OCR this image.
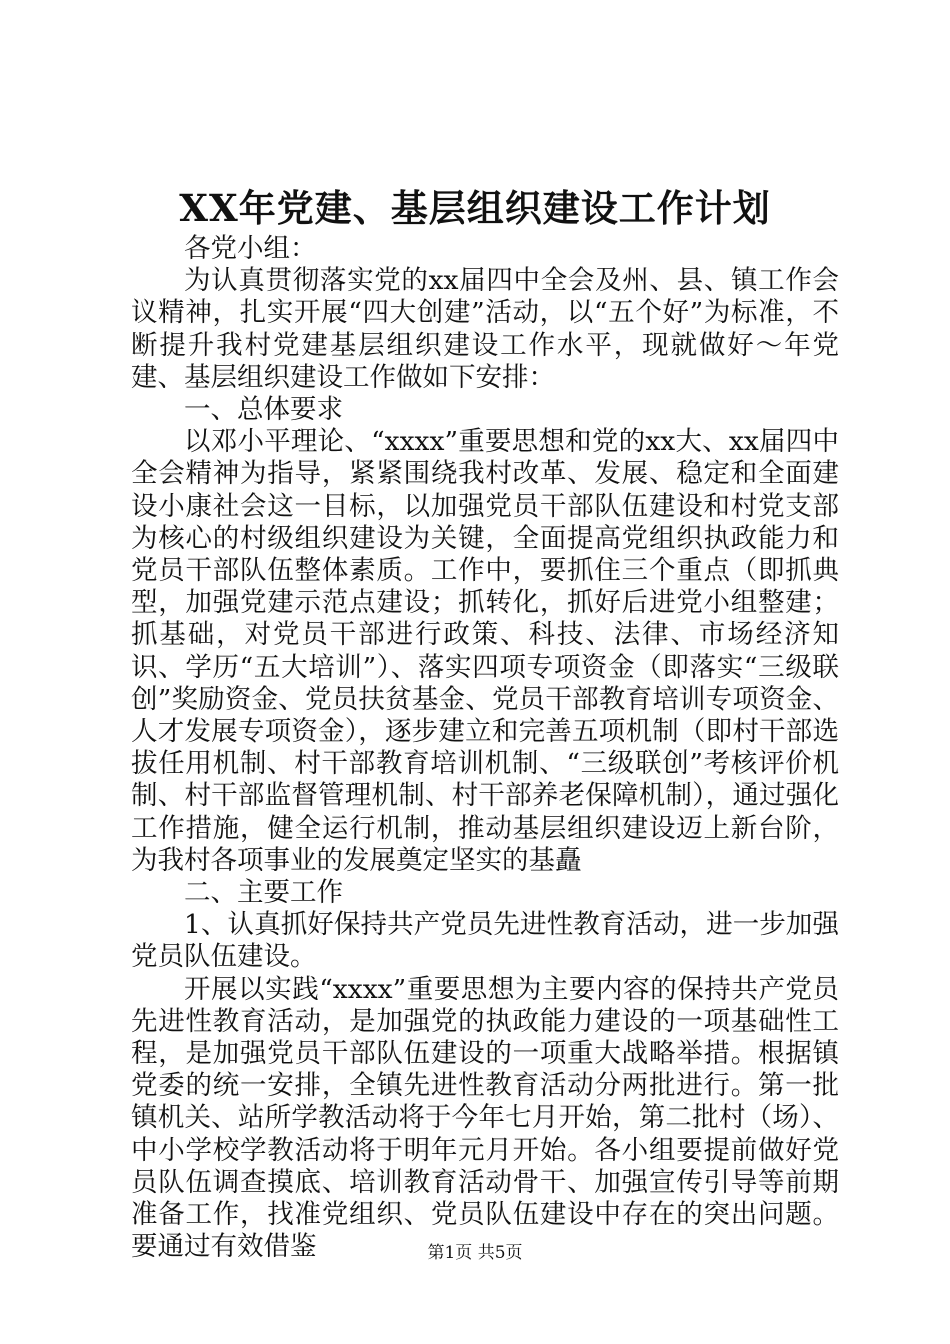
XX年党建、基层组织建设工作计划

各党小组：

为认真贯彻落实党的xx届四中全会及州、县、镇工作会议精神，扎实开展“四大创建”活动，以“五个好”为标准，不断提升我村党建基层组织建设工作水平，现就做好～年党建、基层组织建设工作做如下安排：

一、总体要求

以邓小平理论、“xxxx”重要思想和党的xx大、xx届四中全会精神为指导，紧紧围绕我村改革、发展、稳定和全面建设小康社会这一目标，以加强党员干部队伍建设和村党支部为核心的村级组织建设为关键，全面提高党组织执政能力和党员干部队伍整体素质。工作中，要抓住三个重点（即抓典型，加强党建示范点建设；抓转化，抓好后进党小组整建；抓基础，对党员干部进行政策、科技、法律、市场经济知识、学历“五大培训”）、落实四项专项资金（即落实“三级联创”奖励资金、党员扶贫基金、党员干部教育培训专项资金、人才发展专项资金），逐步建立和完善五项机制（即村干部选拔任用机制、村干部教育培训机制、“三级联创”考核评价机制、村干部监督管理机制、村干部养老保障机制），通过强化工作措施，健全运行机制，推动基层组织建设迈上新台阶，为我村各项事业的发展奠定坚实的基矗

二、主要工作

1、认真抓好保持共产党员先进性教育活动，进一步加强党员队伍建设。

开展以实践“xxxx”重要思想为主要内容的保持共产党员先进性教育活动，是加强党的执政能力建设的一项基础性工程，是加强党员干部队伍建设的一项重大战略举措。根据镇党委的统一安排，全镇先进性教育活动分两批进行。第一批镇机关、站所学教活动将于今年七月开始，第二批村（场）、中小学校学教活动将于明年元月开始。各小组要提前做好党员队伍调查摸底、培训教育活动骨干、加强宣传引导等前期准备工作，找准党组织、党员队伍建设中存在的突出问题。要通过有效借鉴	第1页 共5页
